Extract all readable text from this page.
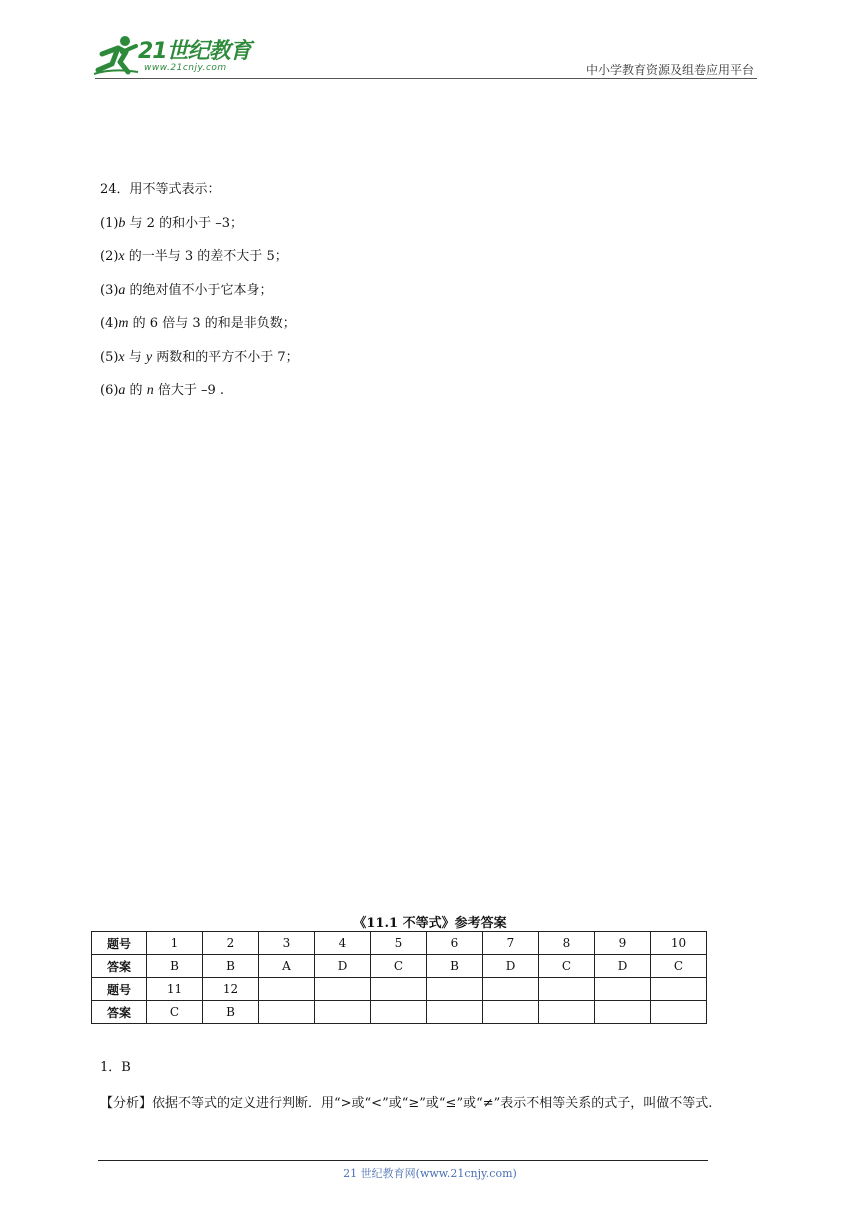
21世纪教育
www.21cnjy.com	中小学教育资源及组卷应用平台
24．用不等式表示：
(1)b 与 2 的和小于 –3；
(2)x 的一半与 3 的差不大于 5；
(3)a 的绝对值不小于它本身；
(4)m 的 6 倍与 3 的和是非负数；
(5)x 与 y 两数和的平方不小于 7；
(6)a 的 n 倍大于 –9 .
《11.1 不等式》参考答案
题号	1	2	3	4	5	6	7	8	9	10
答案	B	B	A	D	C	B	D	C	D	C
题号	11	12								
答案	C	B								
1．B
【分析】依据不等式的定义进行判断．用“>或“<”或“≥”或“≤”或“≠”表示不相等关系的式子，叫做不等式.
21 世纪教育网(www.21cnjy.com)
